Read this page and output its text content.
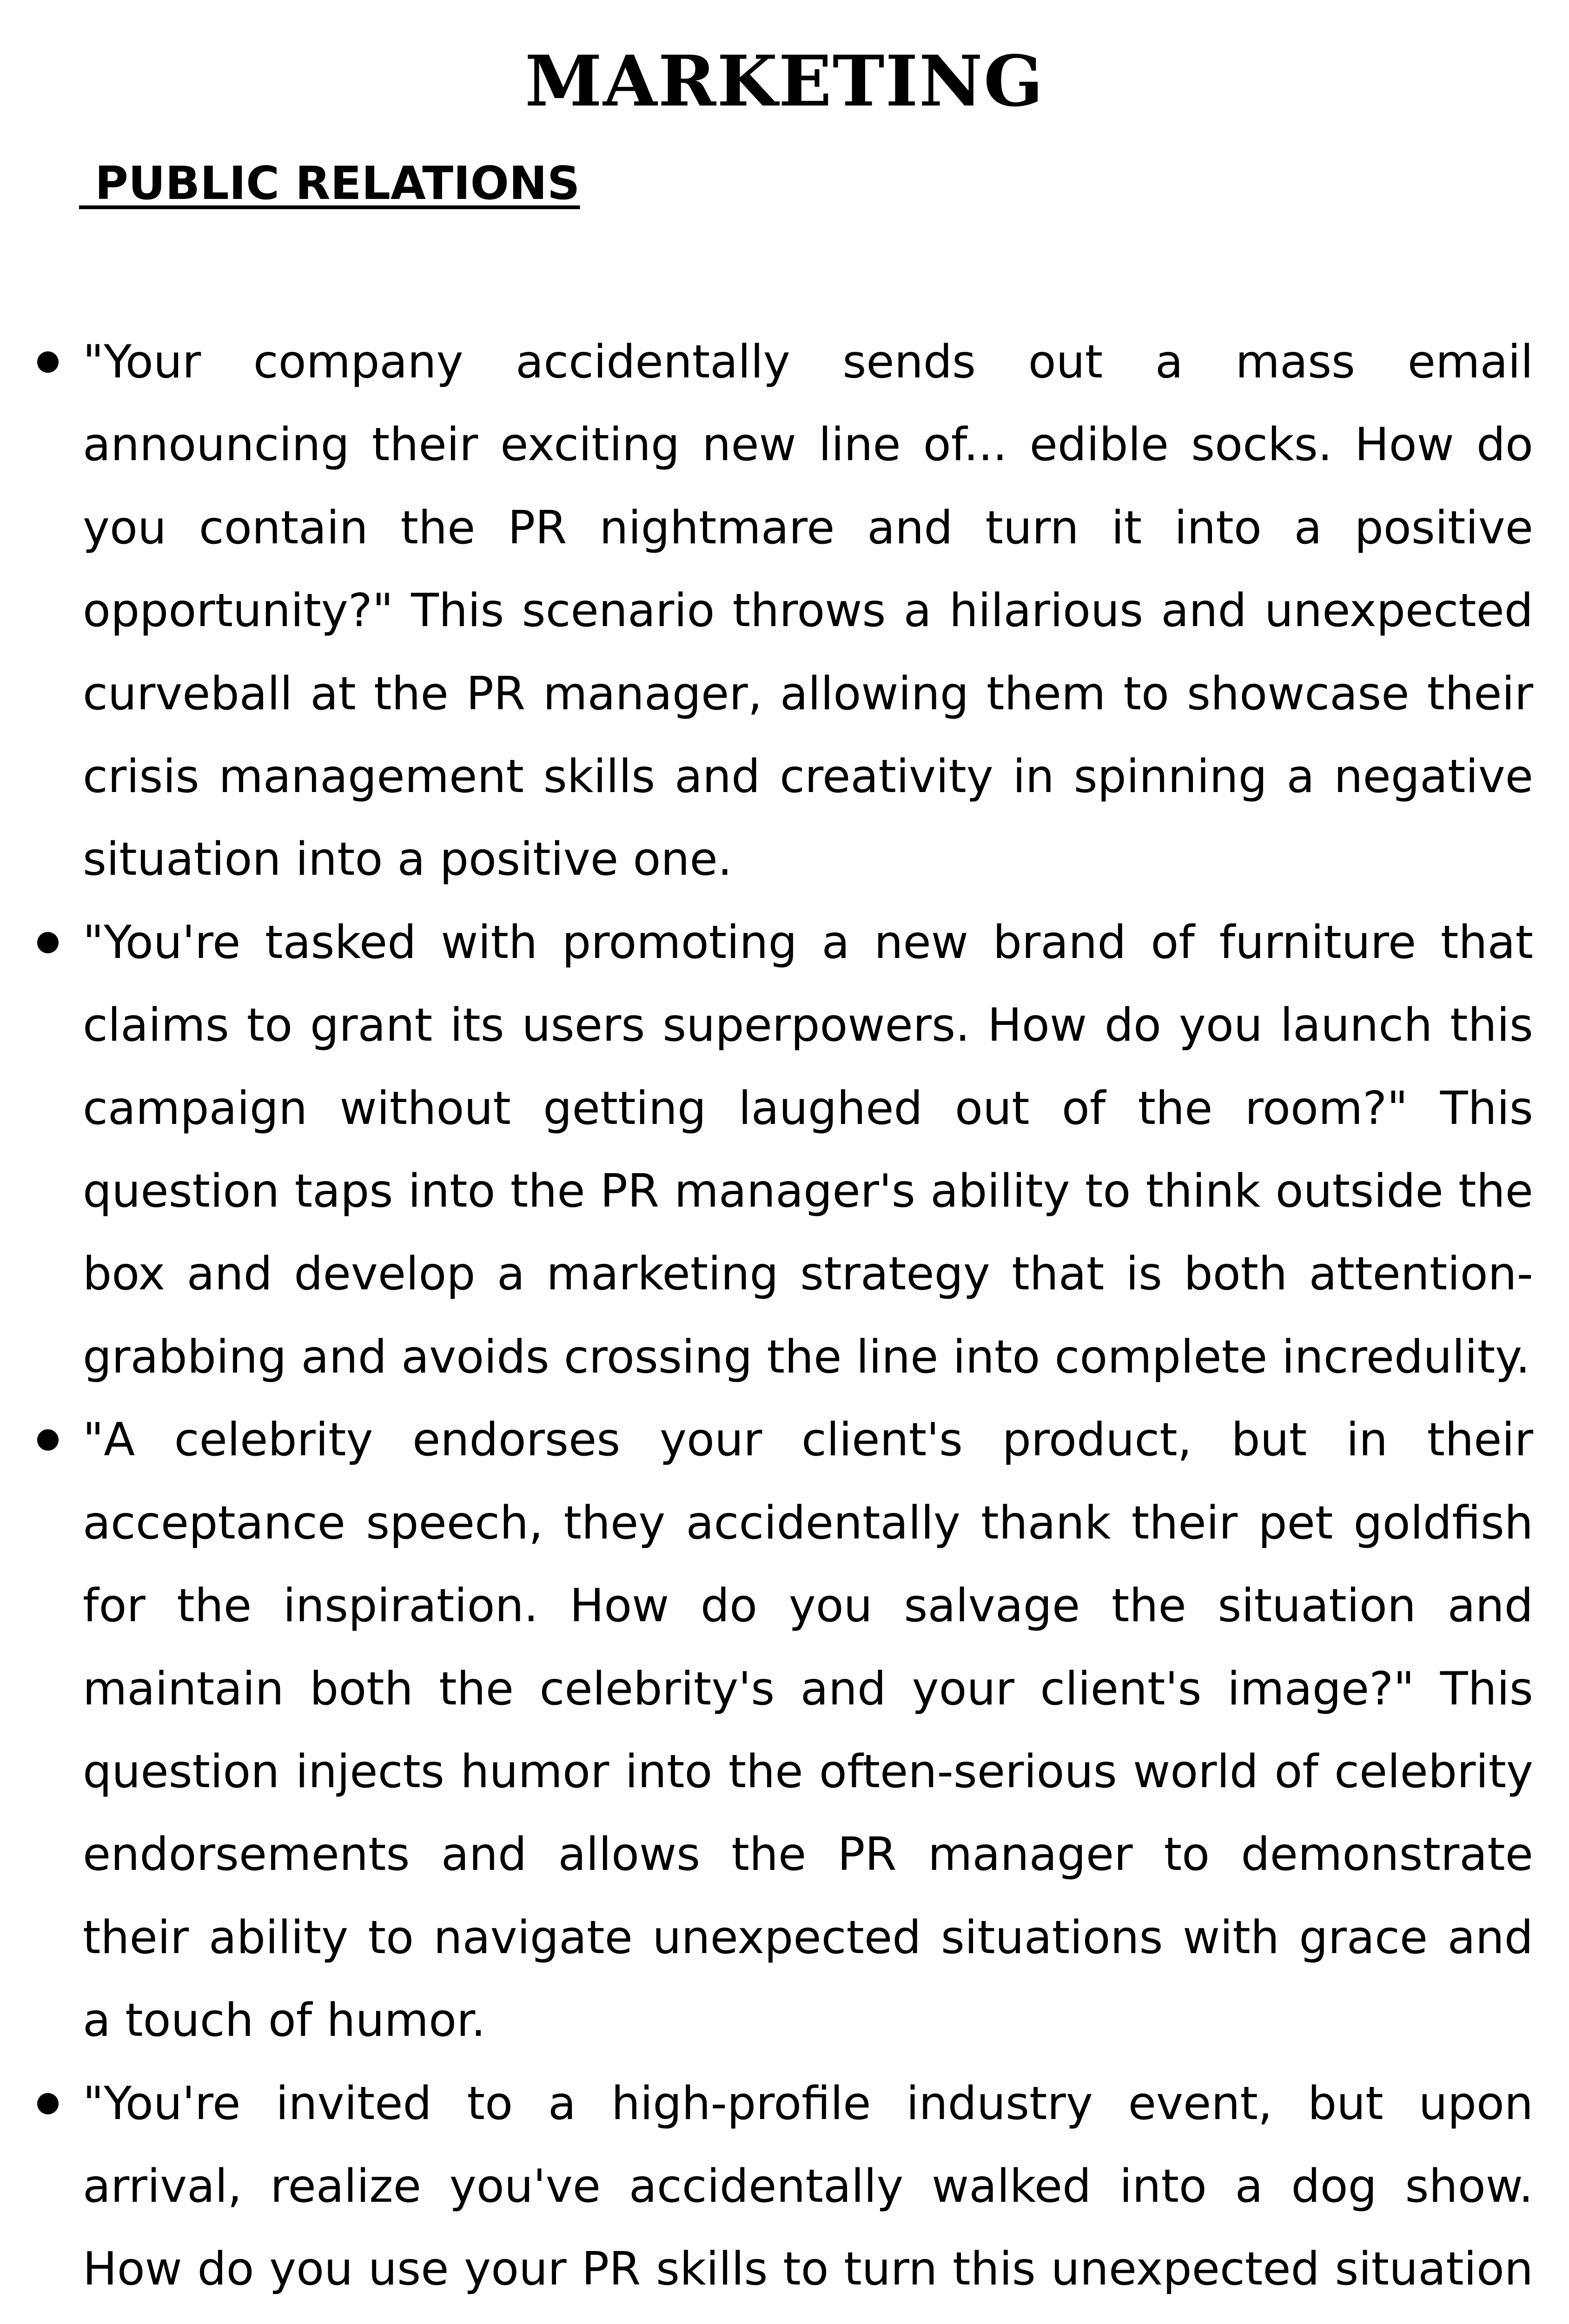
MARKETING
PUBLIC RELATIONS
"Your company accidentally sends out a mass email announcing their exciting new line of... edible socks. How do you contain the PR nightmare and turn it into a positive opportunity?" This scenario throws a hilarious and unexpected curveball at the PR manager, allowing them to showcase their crisis management skills and creativity in spinning a negative situation into a positive one.
"You're tasked with promoting a new brand of furniture that claims to grant its users superpowers. How do you launch this campaign without getting laughed out of the room?" This question taps into the PR manager's ability to think outside the box and develop a marketing strategy that is both attention-grabbing and avoids crossing the line into complete incredulity.
"A celebrity endorses your client's product, but in their acceptance speech, they accidentally thank their pet goldfish for the inspiration. How do you salvage the situation and maintain both the celebrity's and your client's image?" This question injects humor into the often-serious world of celebrity endorsements and allows the PR manager to demonstrate their ability to navigate unexpected situations with grace and a touch of humor.
"You're invited to a high-profile industry event, but upon arrival, realize you've accidentally walked into a dog show. How do you use your PR skills to turn this unexpected situation
